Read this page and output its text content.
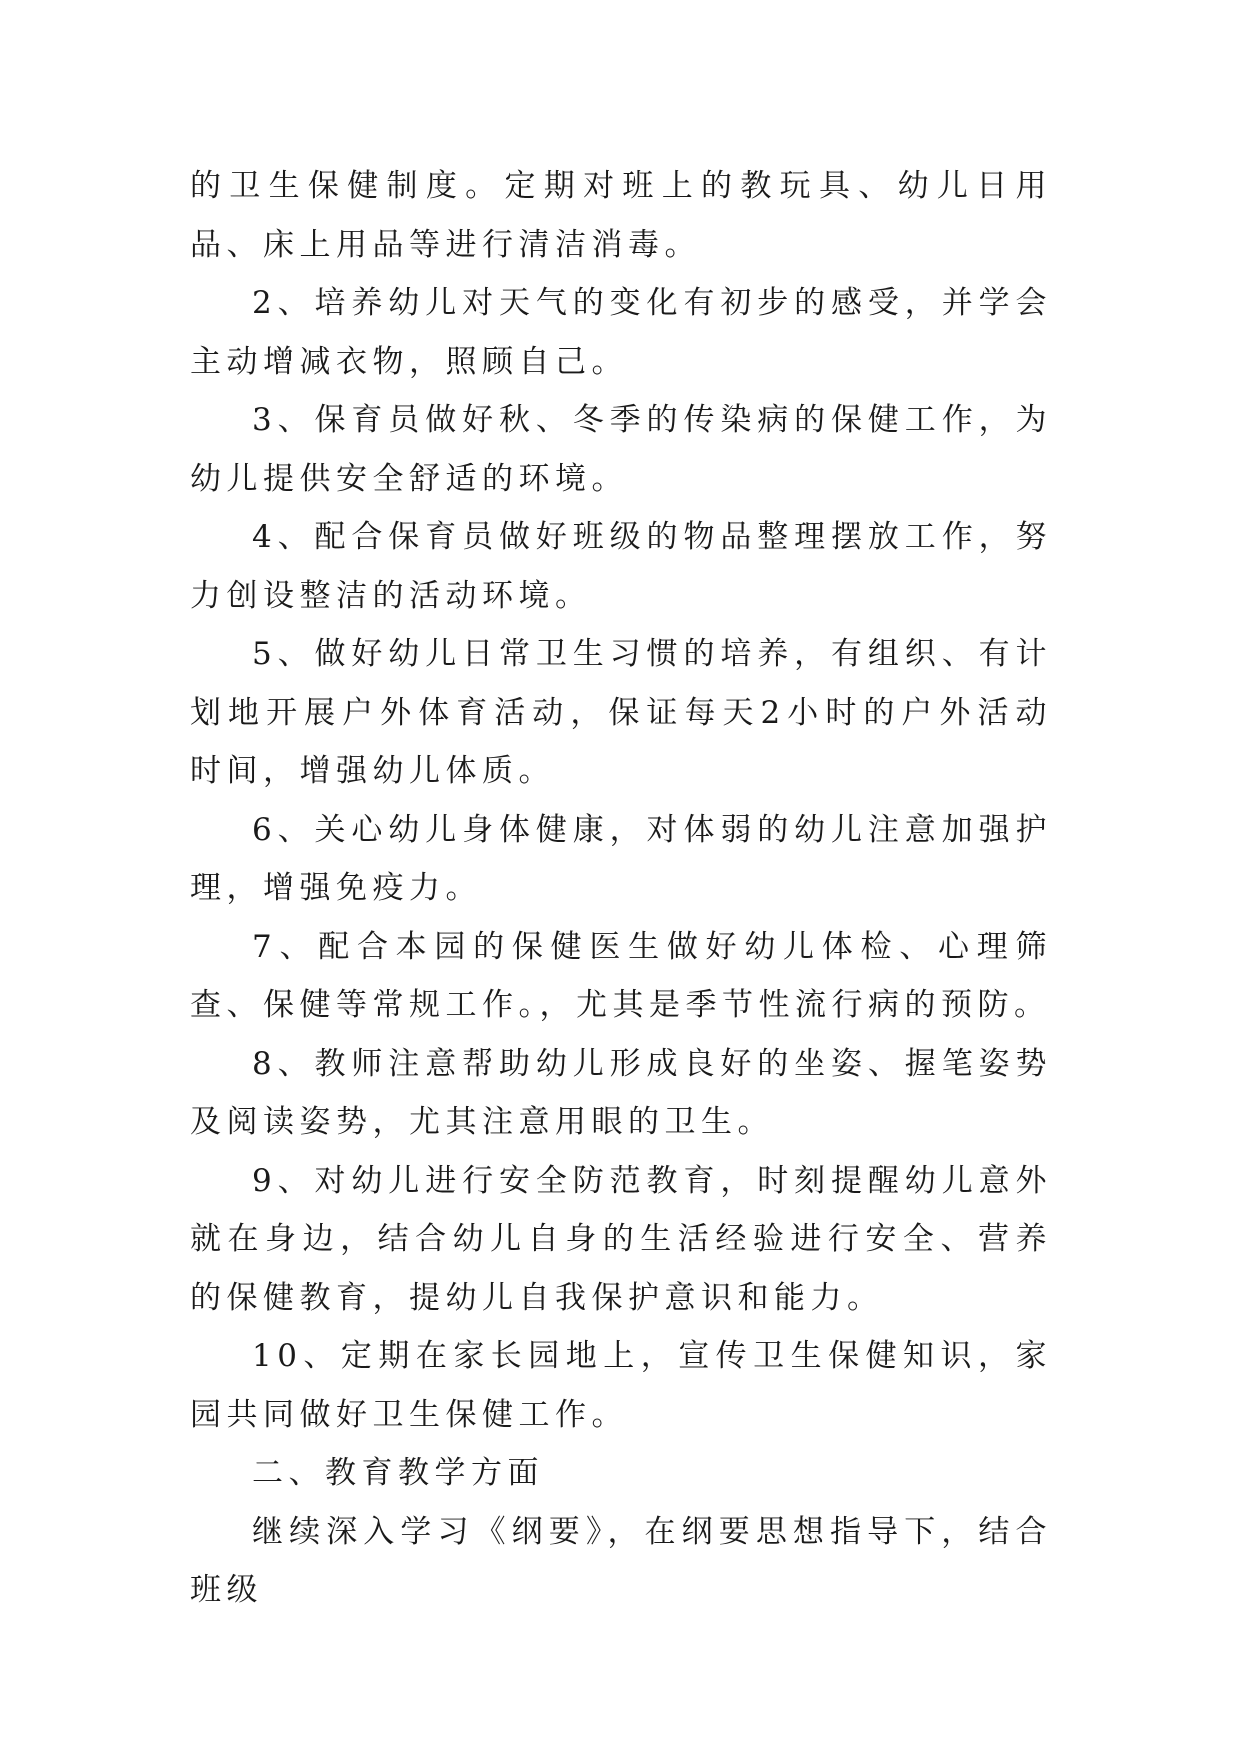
的卫生保健制度。定期对班上的教玩具、幼儿日用品、床上用品等进行清洁消毒。

2、培养幼儿对天气的变化有初步的感受，并学会主动增减衣物，照顾自己。

3、保育员做好秋、冬季的传染病的保健工作，为幼儿提供安全舒适的环境。

4、配合保育员做好班级的物品整理摆放工作，努力创设整洁的活动环境。

5、做好幼儿日常卫生习惯的培养，有组织、有计划地开展户外体育活动，保证每天2小时的户外活动时间，增强幼儿体质。

6、关心幼儿身体健康，对体弱的幼儿注意加强护理，增强免疫力。

7、配合本园的保健医生做好幼儿体检、心理筛查、保健等常规工作。，尤其是季节性流行病的预防。

8、教师注意帮助幼儿形成良好的坐姿、握笔姿势及阅读姿势，尤其注意用眼的卫生。

9、对幼儿进行安全防范教育，时刻提醒幼儿意外就在身边，结合幼儿自身的生活经验进行安全、营养的保健教育，提幼儿自我保护意识和能力。

10、定期在家长园地上，宣传卫生保健知识，家园共同做好卫生保健工作。

二、教育教学方面

继续深入学习《纲要》，在纲要思想指导下，结合班级
